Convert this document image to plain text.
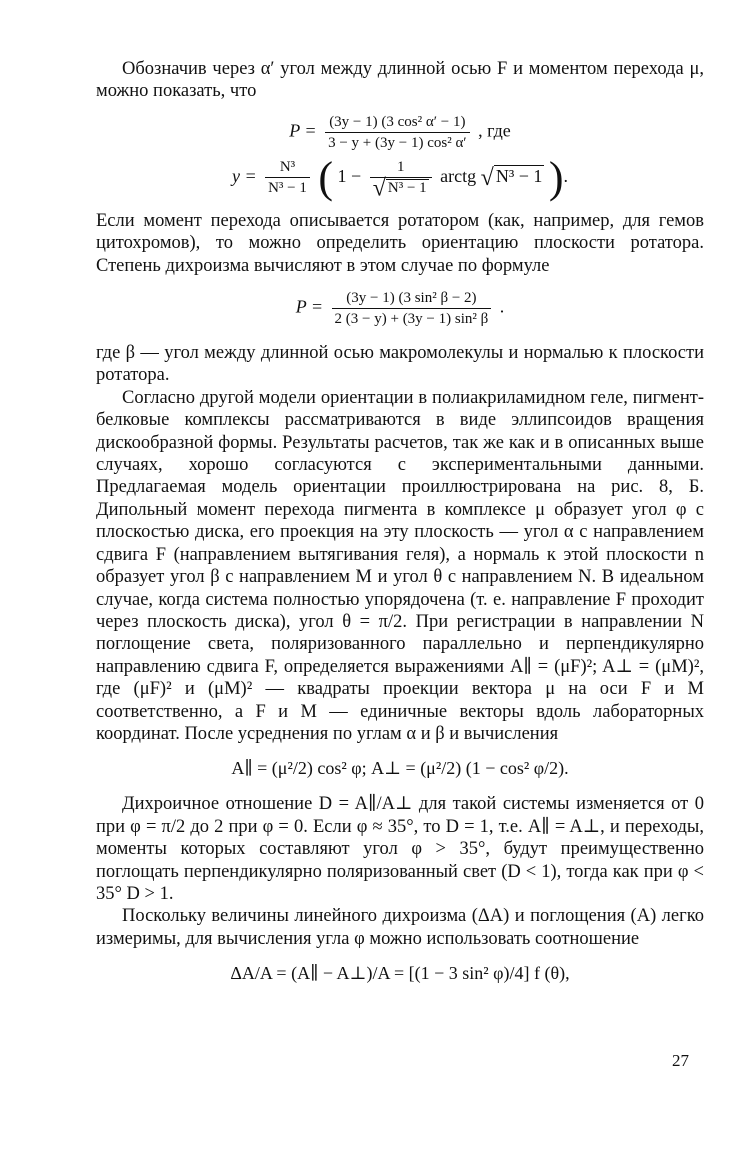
Обозначив через α′ угол между длинной осью F и моментом перехода μ, можно показать, что

$P = \frac{\text{(3y − 1) (3 cos² α′ − 1)}}{\text{3 − y + (3y − 1) cos² α′}}$ , где
$y = \frac{\text{N³}}{\text{N³ − 1}}$ ( $1 - \frac{1}{\text{√ N³ − 1}}$ arctg √ N³ − 1 ).

Если момент перехода описывается ротатором (как, например, для гемов цитохромов), то можно определить ориентацию плоскости ротатора. Степень дихроизма вычисляют в этом случае по формуле

$P = \frac{\text{(3y − 1) (3 sin² β − 2)}}{\text{2 (3 − y) + (3y − 1) sin² β}}$ .

где β — угол между длинной осью макромолекулы и нормалью к плоскости ротатора.

Согласно другой модели ориентации в полиакриламидном геле, пигмент-белковые комплексы рассматриваются в виде эллипсоидов вращения дискообразной формы. Результаты расчетов, так же как и в описанных выше случаях, хорошо согласуются с экспериментальными данными. Предлагаемая модель ориентации проиллюстрирована на рис. 8, Б. Дипольный момент перехода пигмента в комплексе μ образует угол φ с плоскостью диска, его проекция на эту плоскость — угол α с направлением сдвига F (направлением вытягивания геля), а нормаль к этой плоскости n образует угол β с направлением M и угол θ с направлением N. В идеальном случае, когда система полностью упорядочена (т. е. направление F проходит через плоскость диска), угол θ = π/2. При регистрации в направлении N поглощение света, поляризованного параллельно и перпендикулярно направлению сдвига F, определяется выражениями A∥ = (μF)²; A⊥ = (μM)², где (μF)² и (μM)² — квадраты проекции вектора μ на оси F и M соответственно, а F и M — единичные векторы вдоль лабораторных координат. После усреднения по углам α и β и вычисления

A∥ = (μ²/2) cos² φ; A⊥ = (μ²/2) (1 − cos² φ/2).

Дихроичное отношение D = A∥/A⊥ для такой системы изменяется от 0 при φ = π/2 до 2 при φ = 0. Если φ ≈ 35°, то D = 1, т.е. A∥ = A⊥, и переходы, моменты которых составляют угол φ > 35°, будут преимущественно поглощать перпендикулярно поляризованный свет (D < 1), тогда как при φ < 35° D > 1.

Поскольку величины линейного дихроизма (ΔA) и поглощения (A) легко измеримы, для вычисления угла φ можно использовать соотношение

ΔA/A = (A∥ − A⊥)/A = [(1 − 3 sin² φ)/4] f (θ),
27
